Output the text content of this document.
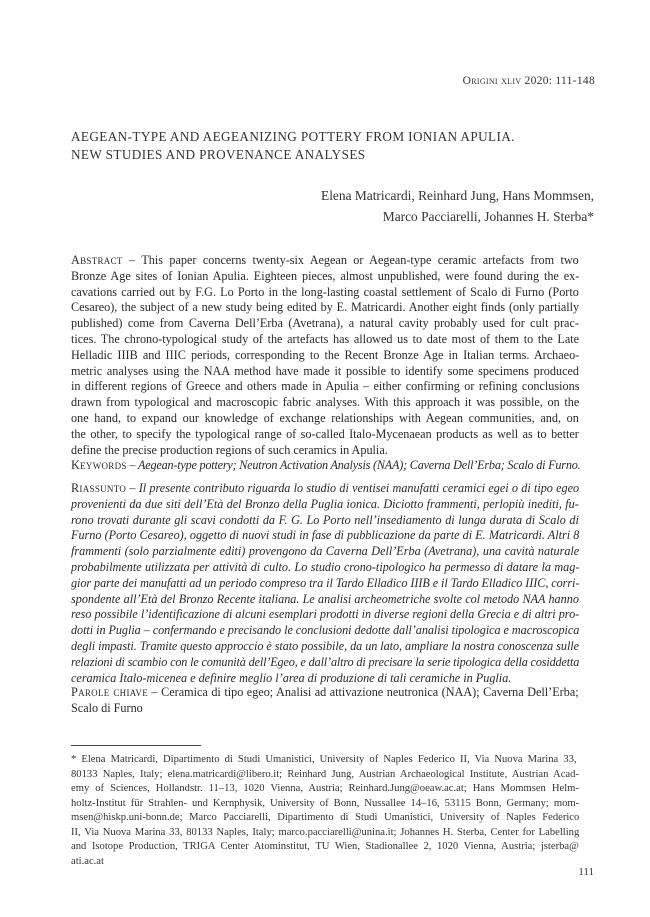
Origini xliv 2020: 111-148
AEGEAN-TYPE AND AEGEANIZING POTTERY FROM IONIAN APULIA.
NEW STUDIES AND PROVENANCE ANALYSES
Elena Matricardi, Reinhard Jung, Hans Mommsen,
Marco Pacciarelli, Johannes H. Sterba*
Abstract – This paper concerns twenty-six Aegean or Aegean-type ceramic artefacts from two
Bronze Age sites of Ionian Apulia. Eighteen pieces, almost unpublished, were found during the ex-
cavations carried out by F.G. Lo Porto in the long-lasting coastal settlement of Scalo di Furno (Porto
Cesareo), the subject of a new study being edited by E. Matricardi. Another eight finds (only partially
published) come from Caverna Dell’Erba (Avetrana), a natural cavity probably used for cult prac-
tices. The chrono-typological study of the artefacts has allowed us to date most of them to the Late
Helladic IIIB and IIIC periods, corresponding to the Recent Bronze Age in Italian terms. Archaeo-
metric analyses using the NAA method have made it possible to identify some specimens produced
in different regions of Greece and others made in Apulia – either confirming or refining conclusions
drawn from typological and macroscopic fabric analyses. With this approach it was possible, on the
one hand, to expand our knowledge of exchange relationships with Aegean communities, and, on
the other, to specify the typological range of so-called Italo-Mycenaean products as well as to better
define the precise production regions of such ceramics in Apulia.
Keywords – Aegean-type pottery; Neutron Activation Analysis (NAA); Caverna Dell’Erba; Scalo di Furno.
Riassunto – Il presente contributo riguarda lo studio di ventisei manufatti ceramici egei o di tipo egeo
provenienti da due siti dell’Età del Bronzo della Puglia ionica. Diciotto frammenti, perlopiù inediti, fu-
rono trovati durante gli scavi condotti da F. G. Lo Porto nell’insediamento di lunga durata di Scalo di
Furno (Porto Cesareo), oggetto di nuovi studi in fase di pubblicazione da parte di E. Matricardi. Altri 8
frammenti (solo parzialmente editi) provengono da Caverna Dell’Erba (Avetrana), una cavità naturale
probabilmente utilizzata per attività di culto. Lo studio crono-tipologico ha permesso di datare la mag-
gior parte dei manufatti ad un periodo compreso tra il Tardo Elladico IIIB e il Tardo Elladico IIIC, corri-
spondente all’Età del Bronzo Recente italiana. Le analisi archeometriche svolte col metodo NAA hanno
reso possibile l’identificazione di alcuni esemplari prodotti in diverse regioni della Grecia e di altri pro-
dotti in Puglia – confermando e precisando le conclusioni dedotte dall’analisi tipologica e macroscopica
degli impasti. Tramite questo approccio è stato possibile, da un lato, ampliare la nostra conoscenza sulle
relazioni di scambio con le comunità dell’Egeo, e dall’altro di precisare la serie tipologica della cosiddetta
ceramica Italo-micenea e definire meglio l’area di produzione di tali ceramiche in Puglia.
Parole chiave – Ceramica di tipo egeo; Analisi ad attivazione neutronica (NAA); Caverna Dell’Erba;
Scalo di Furno
* Elena Matricardi, Dipartimento di Studi Umanistici, University of Naples Federico II, Via Nuova Marina 33,
80133 Naples, Italy; elena.matricardi@libero.it; Reinhard Jung, Austrian Archaeological Institute, Austrian Acad-
emy of Sciences, Hollandstr. 11–13, 1020 Vienna, Austria; Reinhard.Jung@oeaw.ac.at; Hans Mommsen Helm-
holtz-Institut für Strahlen- und Kernphysik, University of Bonn, Nussallee 14–16, 53115 Bonn, Germany; mom-
msen@hiskp.uni-bonn.de; Marco Pacciarelli, Dipartimento di Studi Umanistici, University of Naples Federico
II, Via Nuova Marina 33, 80133 Naples, Italy; marco.pacciarelli@unina.it; Johannes H. Sterba, Center for Labelling
and Isotope Production, TRIGA Center Atominstitut, TU Wien, Stadionallee 2, 1020 Vienna, Austria; jsterba@
ati.ac.at
111
